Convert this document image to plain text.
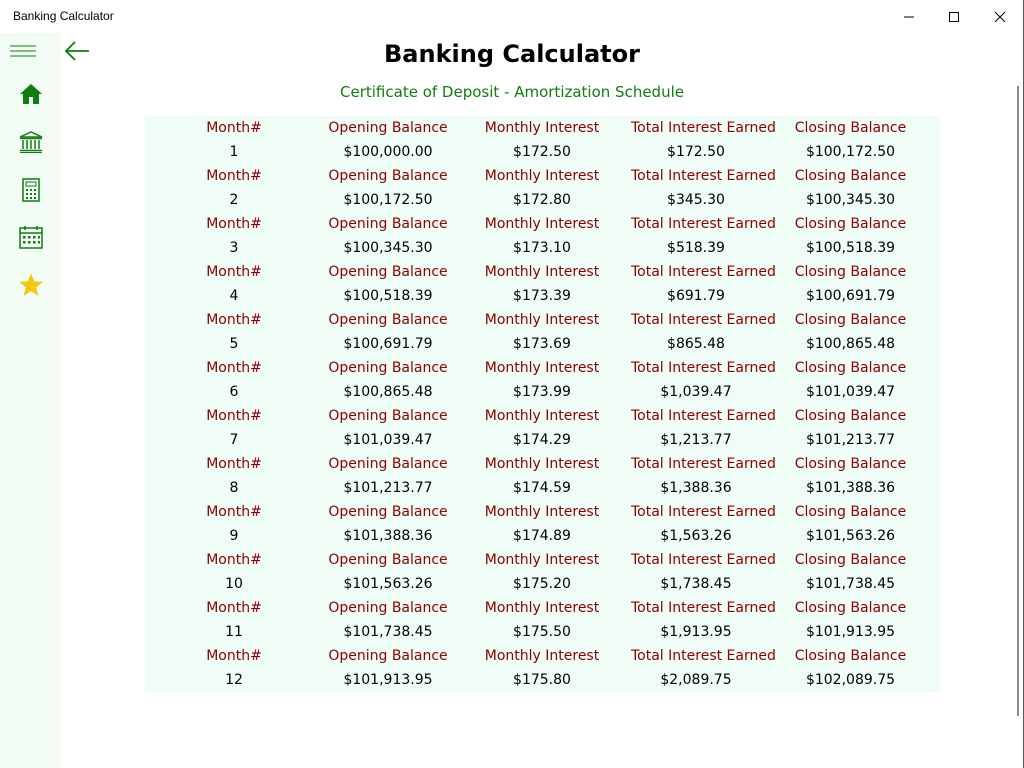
Banking Calculator
Banking Calculator
Certificate of Deposit - Amortization Schedule
Month#	Opening Balance	Monthly Interest	Total Interest Earned	Closing Balance
1	$100,000.00	$172.50	$172.50	$100,172.50
Month#	Opening Balance	Monthly Interest	Total Interest Earned	Closing Balance
2	$100,172.50	$172.80	$345.30	$100,345.30
Month#	Opening Balance	Monthly Interest	Total Interest Earned	Closing Balance
3	$100,345.30	$173.10	$518.39	$100,518.39
Month#	Opening Balance	Monthly Interest	Total Interest Earned	Closing Balance
4	$100,518.39	$173.39	$691.79	$100,691.79
Month#	Opening Balance	Monthly Interest	Total Interest Earned	Closing Balance
5	$100,691.79	$173.69	$865.48	$100,865.48
Month#	Opening Balance	Monthly Interest	Total Interest Earned	Closing Balance
6	$100,865.48	$173.99	$1,039.47	$101,039.47
Month#	Opening Balance	Monthly Interest	Total Interest Earned	Closing Balance
7	$101,039.47	$174.29	$1,213.77	$101,213.77
Month#	Opening Balance	Monthly Interest	Total Interest Earned	Closing Balance
8	$101,213.77	$174.59	$1,388.36	$101,388.36
Month#	Opening Balance	Monthly Interest	Total Interest Earned	Closing Balance
9	$101,388.36	$174.89	$1,563.26	$101,563.26
Month#	Opening Balance	Monthly Interest	Total Interest Earned	Closing Balance
10	$101,563.26	$175.20	$1,738.45	$101,738.45
Month#	Opening Balance	Monthly Interest	Total Interest Earned	Closing Balance
11	$101,738.45	$175.50	$1,913.95	$101,913.95
Month#	Opening Balance	Monthly Interest	Total Interest Earned	Closing Balance
12	$101,913.95	$175.80	$2,089.75	$102,089.75
